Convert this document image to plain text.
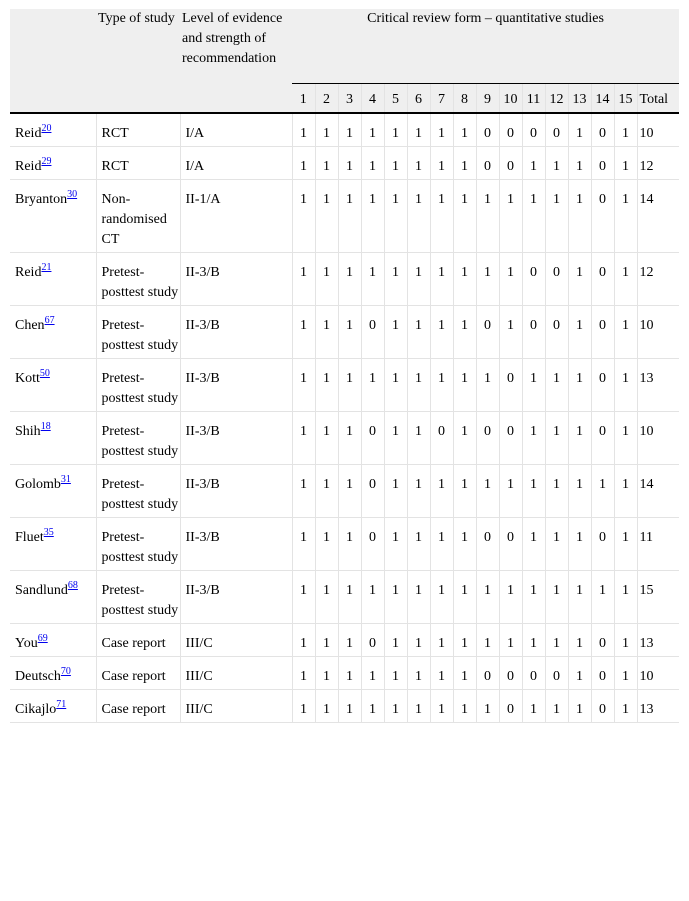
	Type of study	Level of evidence and strength of recommendation	Critical review form – quantitative studies															

			1	2	3	4	5	6	7	8	9	10	11	12	13	14	15	Total
Reid$^{20}$	RCT	I/A	1	1	1	1	1	1	1	1	0	0	0	0	1	0	1	10
Reid$^{29}$	RCT	I/A	1	1	1	1	1	1	1	1	0	0	1	1	1	0	1	12
Bryanton$^{30}$	Non-randomised CT	II-1/A	1	1	1	1	1	1	1	1	1	1	1	1	1	0	1	14
Reid$^{21}$	Pretest-posttest study	II-3/B	1	1	1	1	1	1	1	1	1	1	0	0	1	0	1	12
Chen$^{67}$	Pretest-posttest study	II-3/B	1	1	1	0	1	1	1	1	0	1	0	0	1	0	1	10
Kott$^{50}$	Pretest-posttest study	II-3/B	1	1	1	1	1	1	1	1	1	0	1	1	1	0	1	13
Shih$^{18}$	Pretest-posttest study	II-3/B	1	1	1	0	1	1	0	1	0	0	1	1	1	0	1	10
Golomb$^{31}$	Pretest-posttest study	II-3/B	1	1	1	0	1	1	1	1	1	1	1	1	1	1	1	14
Fluet$^{35}$	Pretest-posttest study	II-3/B	1	1	1	0	1	1	1	1	0	0	1	1	1	0	1	11
Sandlund$^{68}$	Pretest-posttest study	II-3/B	1	1	1	1	1	1	1	1	1	1	1	1	1	1	1	15
You$^{69}$	Case report	III/C	1	1	1	0	1	1	1	1	1	1	1	1	1	0	1	13
Deutsch$^{70}$	Case report	III/C	1	1	1	1	1	1	1	1	0	0	0	0	1	0	1	10
Cikajlo$^{71}$	Case report	III/C	1	1	1	1	1	1	1	1	1	0	1	1	1	0	1	13
